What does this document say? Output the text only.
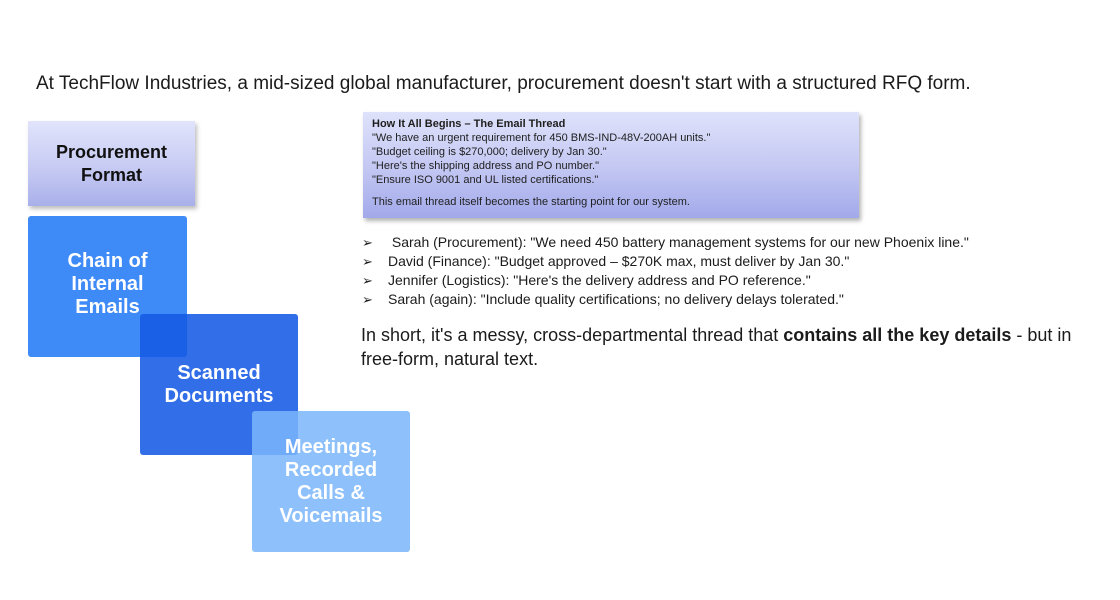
At TechFlow Industries, a mid-sized global manufacturer, procurement doesn't start with a structured RFQ form.
Procurement Format
Chain of Internal Emails
Scanned Documents
Meetings, Recorded Calls & Voicemails
How It All Begins – The Email Thread
"We have an urgent requirement for 450 BMS-IND-48V-200AH units."
"Budget ceiling is $270,000; delivery by Jan 30."
"Here's the shipping address and PO number."
"Ensure ISO 9001 and UL listed certifications."
This email thread itself becomes the starting point for our system.
➢	Sarah (Procurement): "We need 450 battery management systems for our new Phoenix line."
➢	David (Finance): "Budget approved – $270K max, must deliver by Jan 30."
➢	Jennifer (Logistics): "Here's the delivery address and PO reference."
➢	Sarah (again): "Include quality certifications; no delivery delays tolerated."
In short, it's a messy, cross-departmental thread that contains all the key details - but in free-form, natural text.
